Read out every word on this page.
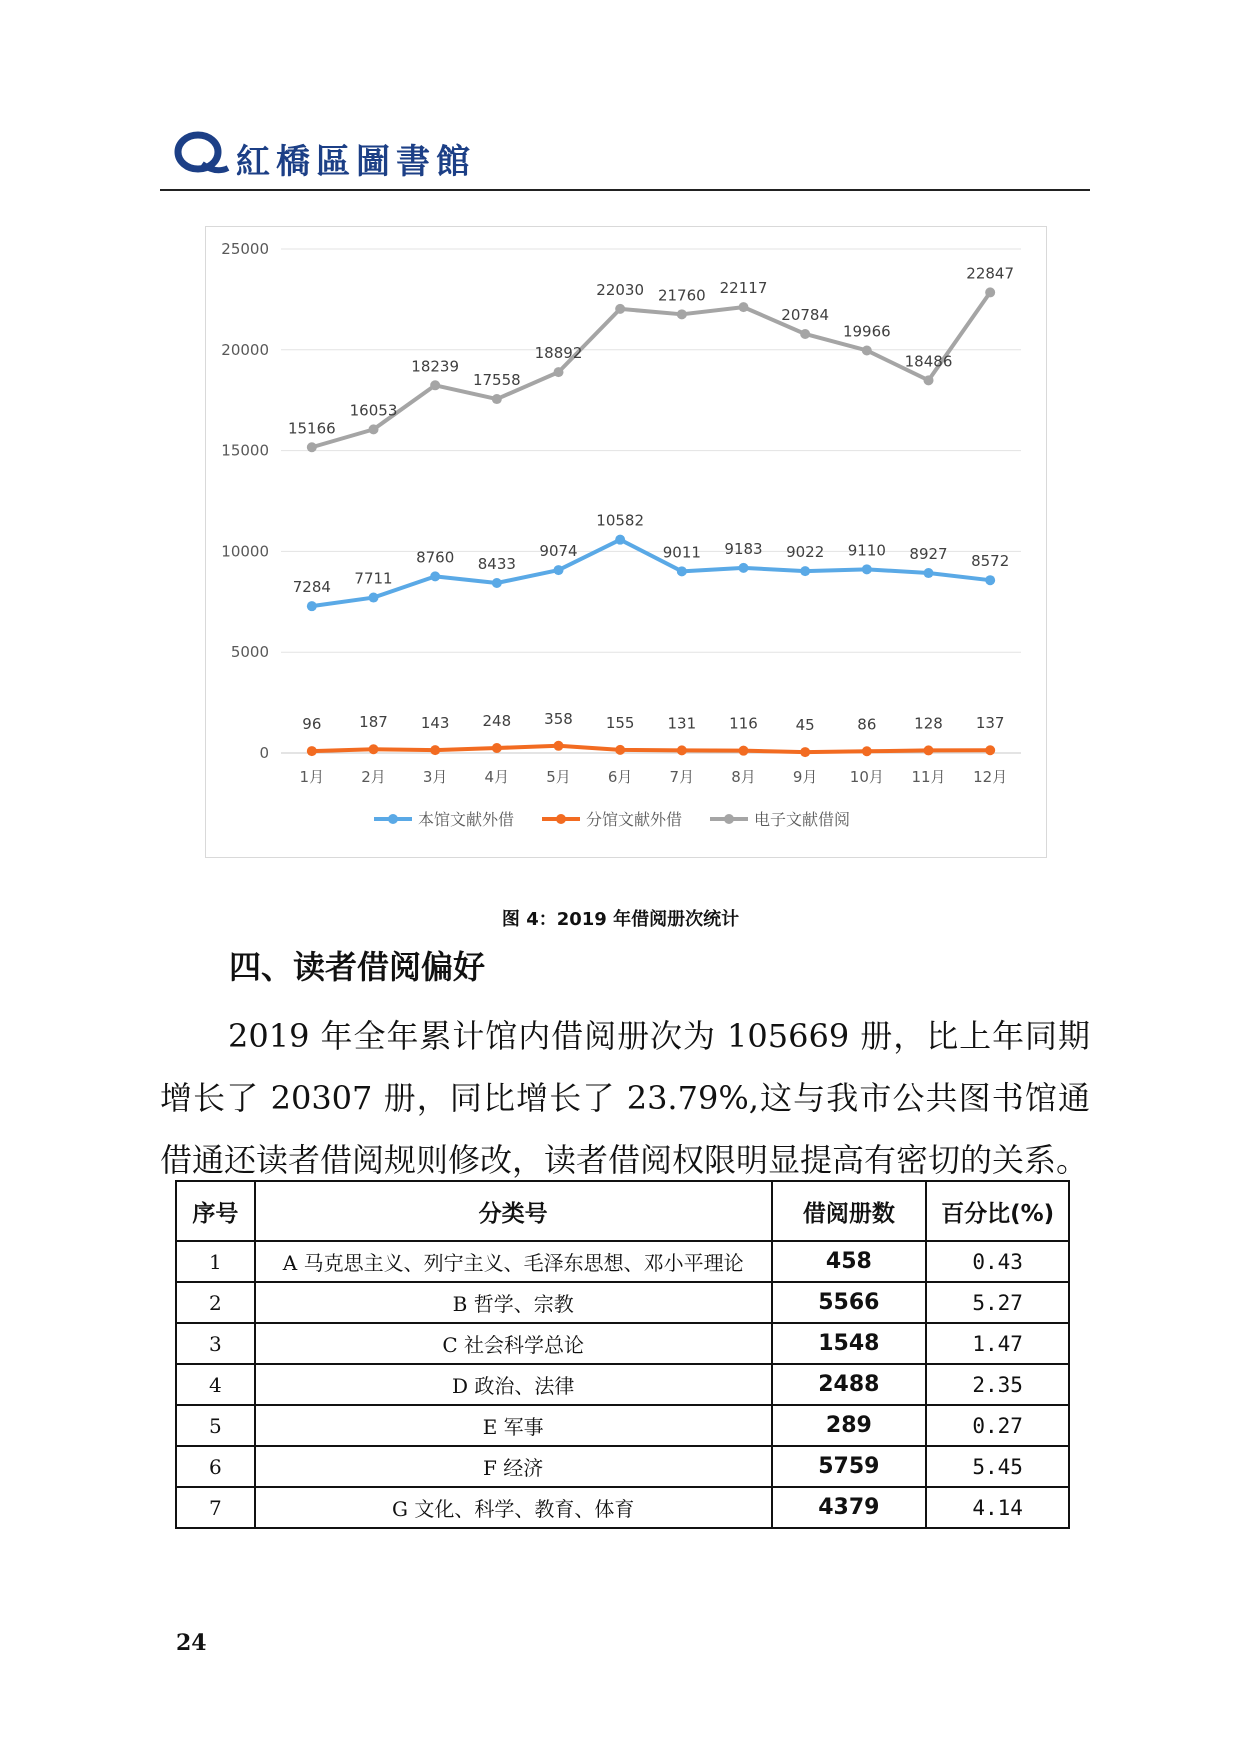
紅橋區圖書館
0
5000
10000
15000
20000
25000
1月 2月 3月 4月 5月 6月 7月 8月 9月 10月 11月 12月
7284 7711
8760 8433
9074
10582
9011 9183 9022 9110 8927 8572
96	187 143 248 358 155 131 116	45	86	128 137
15166
16053
18239
17558
18892
22030 21760 22117
20784
19966
18486
22847
本馆文献外借	分馆文献外借	电子文献借阅
图 4：2019 年借阅册次统计
四、读者借阅偏好
2019 年全年累计馆内借阅册次为 105669 册，比上年同期增长了 20307 册，同比增长了 23.79%,这与我市公共图书馆通借通还读者借阅规则修改，读者借阅权限明显提高有密切的关系。
序号	分类号	借阅册数	百分比(%)
1	A 马克思主义、列宁主义、毛泽东思想、邓小平理论	458	0.43
2	B 哲学、宗教	5566	5.27
3	C 社会科学总论	1548	1.47
4	D 政治、法律	2488	2.35
5	E 军事	289	0.27
6	F 经济	5759	5.45
7	G 文化、科学、教育、体育	4379	4.14
24
